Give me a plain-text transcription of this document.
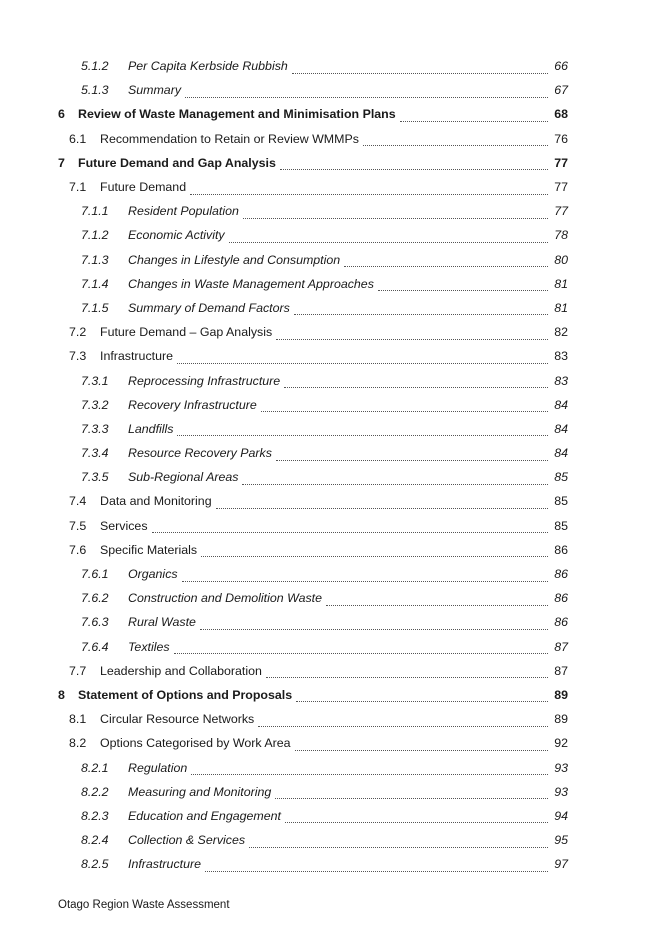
5.1.2	Per Capita Kerbside Rubbish	66
5.1.3	Summary	67
6	Review of Waste Management and Minimisation Plans	68
6.1	Recommendation to Retain or Review WMMPs	76
7	Future Demand and Gap Analysis	77
7.1	Future Demand	77
7.1.1	Resident Population	77
7.1.2	Economic Activity	78
7.1.3	Changes in Lifestyle and Consumption	80
7.1.4	Changes in Waste Management Approaches	81
7.1.5	Summary of Demand Factors	81
7.2	Future Demand – Gap Analysis	82
7.3	Infrastructure	83
7.3.1	Reprocessing Infrastructure	83
7.3.2	Recovery Infrastructure	84
7.3.3	Landfills	84
7.3.4	Resource Recovery Parks	84
7.3.5	Sub-Regional Areas	85
7.4	Data and Monitoring	85
7.5	Services	85
7.6	Specific Materials	86
7.6.1	Organics	86
7.6.2	Construction and Demolition Waste	86
7.6.3	Rural Waste	86
7.6.4	Textiles	87
7.7	Leadership and Collaboration	87
8	Statement of Options and Proposals	89
8.1	Circular Resource Networks	89
8.2	Options Categorised by Work Area	92
8.2.1	Regulation	93
8.2.2	Measuring and Monitoring	93
8.2.3	Education and Engagement	94
8.2.4	Collection & Services	95
8.2.5	Infrastructure	97
Otago Region Waste Assessment
